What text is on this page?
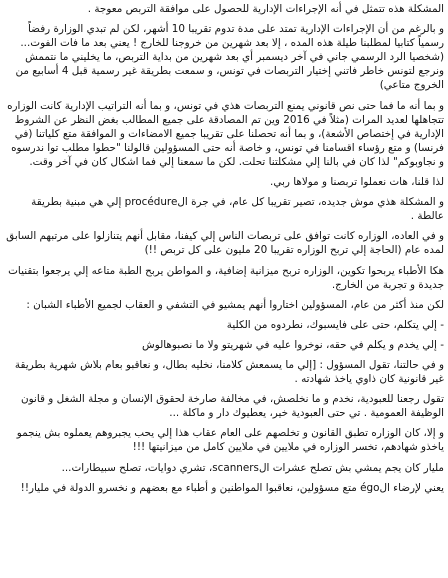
المشكلة هذه تتمثل في أنه الإجراءات الإدارية للحصول على موافقة التربص معوجة .

و بالرغم من أن الإجراءات الإدارية تمتد على مدة تدوم تقريبا 10 أشهر، لكن لم تبدي الوزارة رفضاً رسمياً كتابيا لمطلبنا طيلة هذه المده ، إلا بعد شهرين من خروجنا للخارج ! يعني بعد ما فات الفوت... (شخصيا الرد الرسمي جاني في آخر ديسمبر أي بعد شهرين من بداية التربص، ما يخليني ما نتممش ونرجع لتونس خاطر فاتني إختيار التربصات في تونس، و سمعت بطريقة غير رسمية قبل 4 أسابيع من الخروج متاعي)

و بما أنه ما فما حتى نص قانوني يمنع التربصات هذي في تونس، و بما أنه التراتيب الإدارية كانت الوزاره تتجاهلها لعديد المرات (مثلاً في 2016 وين تم المصادقة على جميع المطالب بغض النظر عن الشروط الإدارية في إختصاص الأشعة)، و بما أنه تحصلنا على تقريبا جميع الامضاءات و الموافقة متع كلياتنا (في فرنسا) و متع رؤساء اقسامنا في تونس، و خاصة أنه حتى المسؤولين قالولنا "حطوا مطلب توا ندرسوه و نجاوبوكم" لذا كان في بالنا إلي مشكلتنا تحلت. لكن ما سمعنا إلي فما اشكال كان في آخر وقت.

لذا قلنا، هات نعملوا تربصنا و مولاها ربي.

و المشكلة هذي موش جديده، تصير تقريبا كل عام، في جرة الprocédure إلي هي مبنية بطريقة عالطة .

و في العاده، الوزاره كانت توافق على تربصات الناس إلي كيفنا، مقابل أنهم يتنازلوا على مرتبهم السابق لمده عام (الحاجة إلي تربح الوزاره تقريبا 20 مليون على كل تربص !!)

هكا الأطباء يربحوا تكوين، الوزاره تربح ميزانية إضافية، و المواطن يربح الطبة متاعه إلي يرجعوا بتقنيات جديدة و تجربة من الخارج.

لكن منذ أكثر من عام، المسؤولين اختاروا أنهم يمشيو في التشفي و العقاب لجميع الأطباء الشبان :

- إلي يتكلم، حتى على فايسبوك، نطردوه من الكلية

- إلي يخدم و يكلم في حقه، نوخروا عليه في شهريتو ولا ما نصبوهالوش

و في حالتنا، تقول المسؤول : [إلي ما يسمعش كلامنا، نخليه بطال، و نعاقبو بعام بلاش شهرية بطريقة غير قانونية كان ذاوي ياخذ شهادته .

تقول رجعنا للعبودية، نخدم و ما نخلصش، في مخالفة صارخة لحقوق الإنسان و مجلة الشغل و قانون الوظيفة العمومية . تي حتى العبودية خير، يعطيوك دار و ماكلة ...

و إلا، كان الوزاره تطبق القانون و تخلصهم على العام عقاب هذا إلي يحب يجبروهم يعملوه بش ينجمو ياخذو شهادهم، تخسر الوزاره في ملايين في ملايين كامل من ميزانيتها !!!

مليار كان يجم يمشي بش تصلح عشرات الscanners، تشري دوايات، تصلح سبيطارات...

يعني لإرضاء الégo متع مسؤولين، نعاقبوا المواطنين و أطباء مع بعضهم و نخسرو الدولة في مليار!!
